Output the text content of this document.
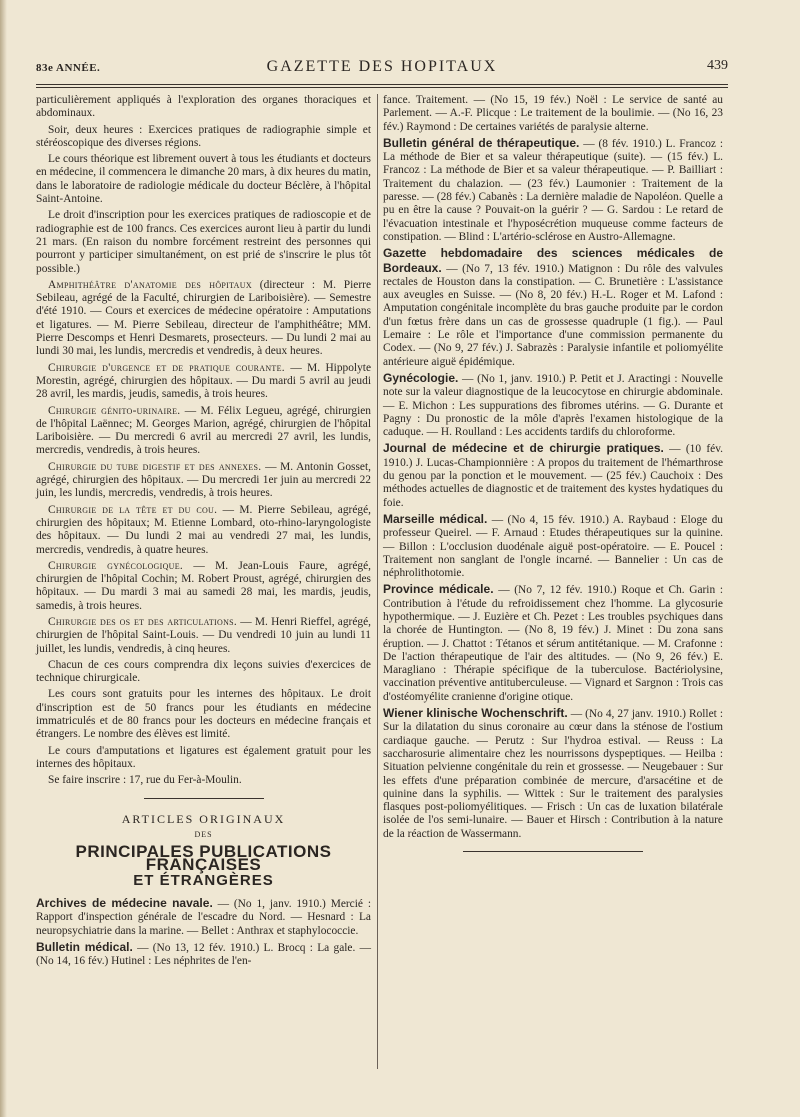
83e ANNÉE.	GAZETTE DES HOPITAUX	439

particulièrement appliqués à l'exploration des organes thoraciques et abdominaux.

Soir, deux heures : Exercices pratiques de radiographie simple et stéréoscopique des diverses régions.

Le cours théorique est librement ouvert à tous les étudiants et docteurs en médecine, il commencera le dimanche 20 mars, à dix heures du matin, dans le laboratoire de radiologie médicale du docteur Béclère, à l'hôpital Saint-Antoine.

Le droit d'inscription pour les exercices pratiques de radioscopie et de radiographie est de 100 francs. Ces exercices auront lieu à partir du lundi 21 mars. (En raison du nombre forcément restreint des personnes qui pourront y participer simultanément, on est prié de s'inscrire le plus tôt possible.)

Amphithéâtre d'anatomie des hôpitaux (directeur : M. Pierre Sebileau, agrégé de la Faculté, chirurgien de Lariboisière). — Semestre d'été 1910. — Cours et exercices de médecine opératoire : Amputations et ligatures. — M. Pierre Sebileau, directeur de l'amphithéâtre; MM. Pierre Descomps et Henri Desmarets, prosecteurs. — Du lundi 2 mai au lundi 30 mai, les lundis, mercredis et vendredis, à deux heures.

Chirurgie d'urgence et de pratique courante. — M. Hippolyte Morestin, agrégé, chirurgien des hôpitaux. — Du mardi 5 avril au jeudi 28 avril, les mardis, jeudis, samedis, à trois heures.

Chirurgie génito-urinaire. — M. Félix Legueu, agrégé, chirurgien de l'hôpital Laënnec; M. Georges Marion, agrégé, chirurgien de l'hôpital Lariboisière. — Du mercredi 6 avril au mercredi 27 avril, les lundis, mercredis, vendredis, à trois heures.

Chirurgie du tube digestif et des annexes. — M. Antonin Gosset, agrégé, chirurgien des hôpitaux. — Du mercredi 1er juin au mercredi 22 juin, les lundis, mercredis, vendredis, à trois heures.

Chirurgie de la tête et du cou. — M. Pierre Sebileau, agrégé, chirurgien des hôpitaux; M. Etienne Lombard, oto-rhino-laryngologiste des hôpitaux. — Du lundi 2 mai au vendredi 27 mai, les lundis, mercredis, vendredis, à quatre heures.

Chirurgie gynécologique. — M. Jean-Louis Faure, agrégé, chirurgien de l'hôpital Cochin; M. Robert Proust, agrégé, chirurgien des hôpitaux. — Du mardi 3 mai au samedi 28 mai, les mardis, jeudis, samedis, à trois heures.

Chirurgie des os et des articulations. — M. Henri Rieffel, agrégé, chirurgien de l'hôpital Saint-Louis. — Du vendredi 10 juin au lundi 11 juillet, les lundis, vendredis, à cinq heures.

Chacun de ces cours comprendra dix leçons suivies d'exercices de technique chirurgicale.

Les cours sont gratuits pour les internes des hôpitaux. Le droit d'inscription est de 50 francs pour les étudiants en médecine immatriculés et de 80 francs pour les docteurs en médecine français et étrangers. Le nombre des élèves est limité.

Le cours d'amputations et ligatures est également gratuit pour les internes des hôpitaux.

Se faire inscrire : 17, rue du Fer-à-Moulin.

ARTICLES ORIGINAUX
DES
PRINCIPALES PUBLICATIONS FRANÇAISES
ET ÉTRANGÈRES

Archives de médecine navale. — (No 1, janv. 1910.) Mercié : Rapport d'inspection générale de l'escadre du Nord. — Hesnard : La neuropsychiatrie dans la marine. — Bellet : Anthrax et staphylococcie.

Bulletin médical. — (No 13, 12 fév. 1910.) L. Brocq : La gale. — (No 14, 16 fév.) Hutinel : Les néphrites de l'en-

fance. Traitement. — (No 15, 19 fév.) Noël : Le service de santé au Parlement. — A.-F. Plicque : Le traitement de la boulimie. — (No 16, 23 fév.) Raymond : De certaines variétés de paralysie alterne.

Bulletin général de thérapeutique. — (8 fév. 1910.) L. Francoz : La méthode de Bier et sa valeur thérapeutique (suite). — (15 fév.) L. Francoz : La méthode de Bier et sa valeur thérapeutique. — P. Bailliart : Traitement du chalazion. — (23 fév.) Laumonier : Traitement de la paresse. — (28 fév.) Cabanès : La dernière maladie de Napoléon. Quelle a pu en être la cause ? Pouvait-on la guérir ? — G. Sardou : Le retard de l'évacuation intestinale et l'hyposécrétion muqueuse comme facteurs de constipation. — Blind : L'artério-sclérose en Austro-Allemagne.

Gazette hebdomadaire des sciences médicales de Bordeaux. — (No 7, 13 fév. 1910.) Matignon : Du rôle des valvules rectales de Houston dans la constipation. — C. Brunetière : L'assistance aux aveugles en Suisse. — (No 8, 20 fév.) H.-L. Roger et M. Lafond : Amputation congénitale incomplète du bras gauche produite par le cordon d'un fœtus frère dans un cas de grossesse quadruple (1 fig.). — Paul Lemaire : Le rôle et l'importance d'une commission permanente du Codex. — (No 9, 27 fév.) J. Sabrazès : Paralysie infantile et poliomyélite antérieure aiguë épidémique.

Gynécologie. — (No 1, janv. 1910.) P. Petit et J. Aractingi : Nouvelle note sur la valeur diagnostique de la leucocytose en chirurgie abdominale. — E. Michon : Les suppurations des fibromes utérins. — G. Durante et Pagny : Du pronostic de la môle d'après l'examen histologique de la caduque. — H. Roulland : Les accidents tardifs du chloroforme.

Journal de médecine et de chirurgie pratiques. — (10 fév. 1910.) J. Lucas-Championnière : A propos du traitement de l'hémarthrose du genou par la ponction et le mouvement. — (25 fév.) Cauchoix : Des méthodes actuelles de diagnostic et de traitement des kystes hydatiques du foie.

Marseille médical. — (No 4, 15 fév. 1910.) A. Raybaud : Eloge du professeur Queirel. — F. Arnaud : Etudes thérapeutiques sur la quinine. — Billon : L'occlusion duodénale aiguë post-opératoire. — E. Poucel : Traitement non sanglant de l'ongle incarné. — Bannelier : Un cas de néphrolithotomie.

Province médicale. — (No 7, 12 fév. 1910.) Roque et Ch. Garin : Contribution à l'étude du refroidissement chez l'homme. La glycosurie hypothermique. — J. Euzière et Ch. Pezet : Les troubles psychiques dans la chorée de Huntington. — (No 8, 19 fév.) J. Minet : Du zona sans éruption. — J. Chattot : Tétanos et sérum antitétanique. — M. Crafonne : De l'action thérapeutique de l'air des altitudes. — (No 9, 26 fév.) E. Maragliano : Thérapie spécifique de la tuberculose. Bactériolysine, vaccination préventive antituberculeuse. — Vignard et Sargnon : Trois cas d'ostéomyélite cranienne d'origine otique.

Wiener klinische Wochenschrift. — (No 4, 27 janv. 1910.) Rollet : Sur la dilatation du sinus coronaire au cœur dans la sténose de l'ostium cardiaque gauche. — Perutz : Sur l'hydroa estival. — Reuss : La saccharosurie alimentaire chez les nourrissons dyspeptiques. — Heilba : Situation pelvienne congénitale du rein et grossesse. — Neugebauer : Sur les effets d'une préparation combinée de mercure, d'arsacétine et de quinine dans la syphilis. — Wittek : Sur le traitement des paralysies flasques post-poliomyélitiques. — Frisch : Un cas de luxation bilatérale isolée de l'os semi-lunaire. — Bauer et Hirsch : Contribution à la nature de la réaction de Wassermann.
